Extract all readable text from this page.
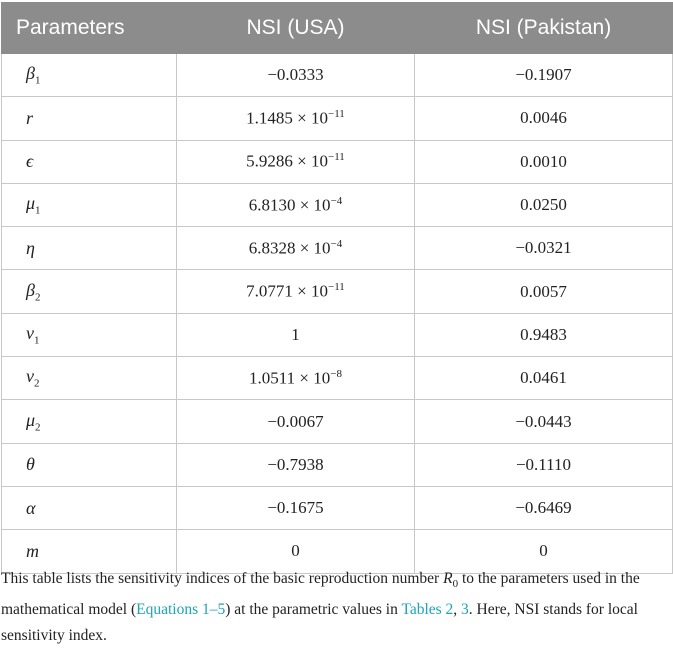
Parameters	NSI (USA)	NSI (Pakistan)
$\beta_1$	−0.0333	−0.1907
r	$1.1485 \times 10^{-11}$	0.0046
ϵ	$5.9286 \times 10^{-11}$	0.0010
$\mu_1$	$6.8130 \times 10^{-4}$	0.0250
η	$6.8328 \times 10^{-4}$	−0.0321
$\beta_2$	$7.0771 \times 10^{-11}$	0.0057
$\nu_1$	1	0.9483
$\nu_2$	$1.0511 \times 10^{-8}$	0.0461
$\mu_2$	−0.0067	−0.0443
θ	−0.7938	−0.1110
α	−0.1675	−0.6469
m	0	0
This table lists the sensitivity indices of the basic reproduction number $R_0$ to the parameters used in the mathematical model (Equations 1–5) at the parametric values in Tables 2, 3. Here, NSI stands for local sensitivity index.
